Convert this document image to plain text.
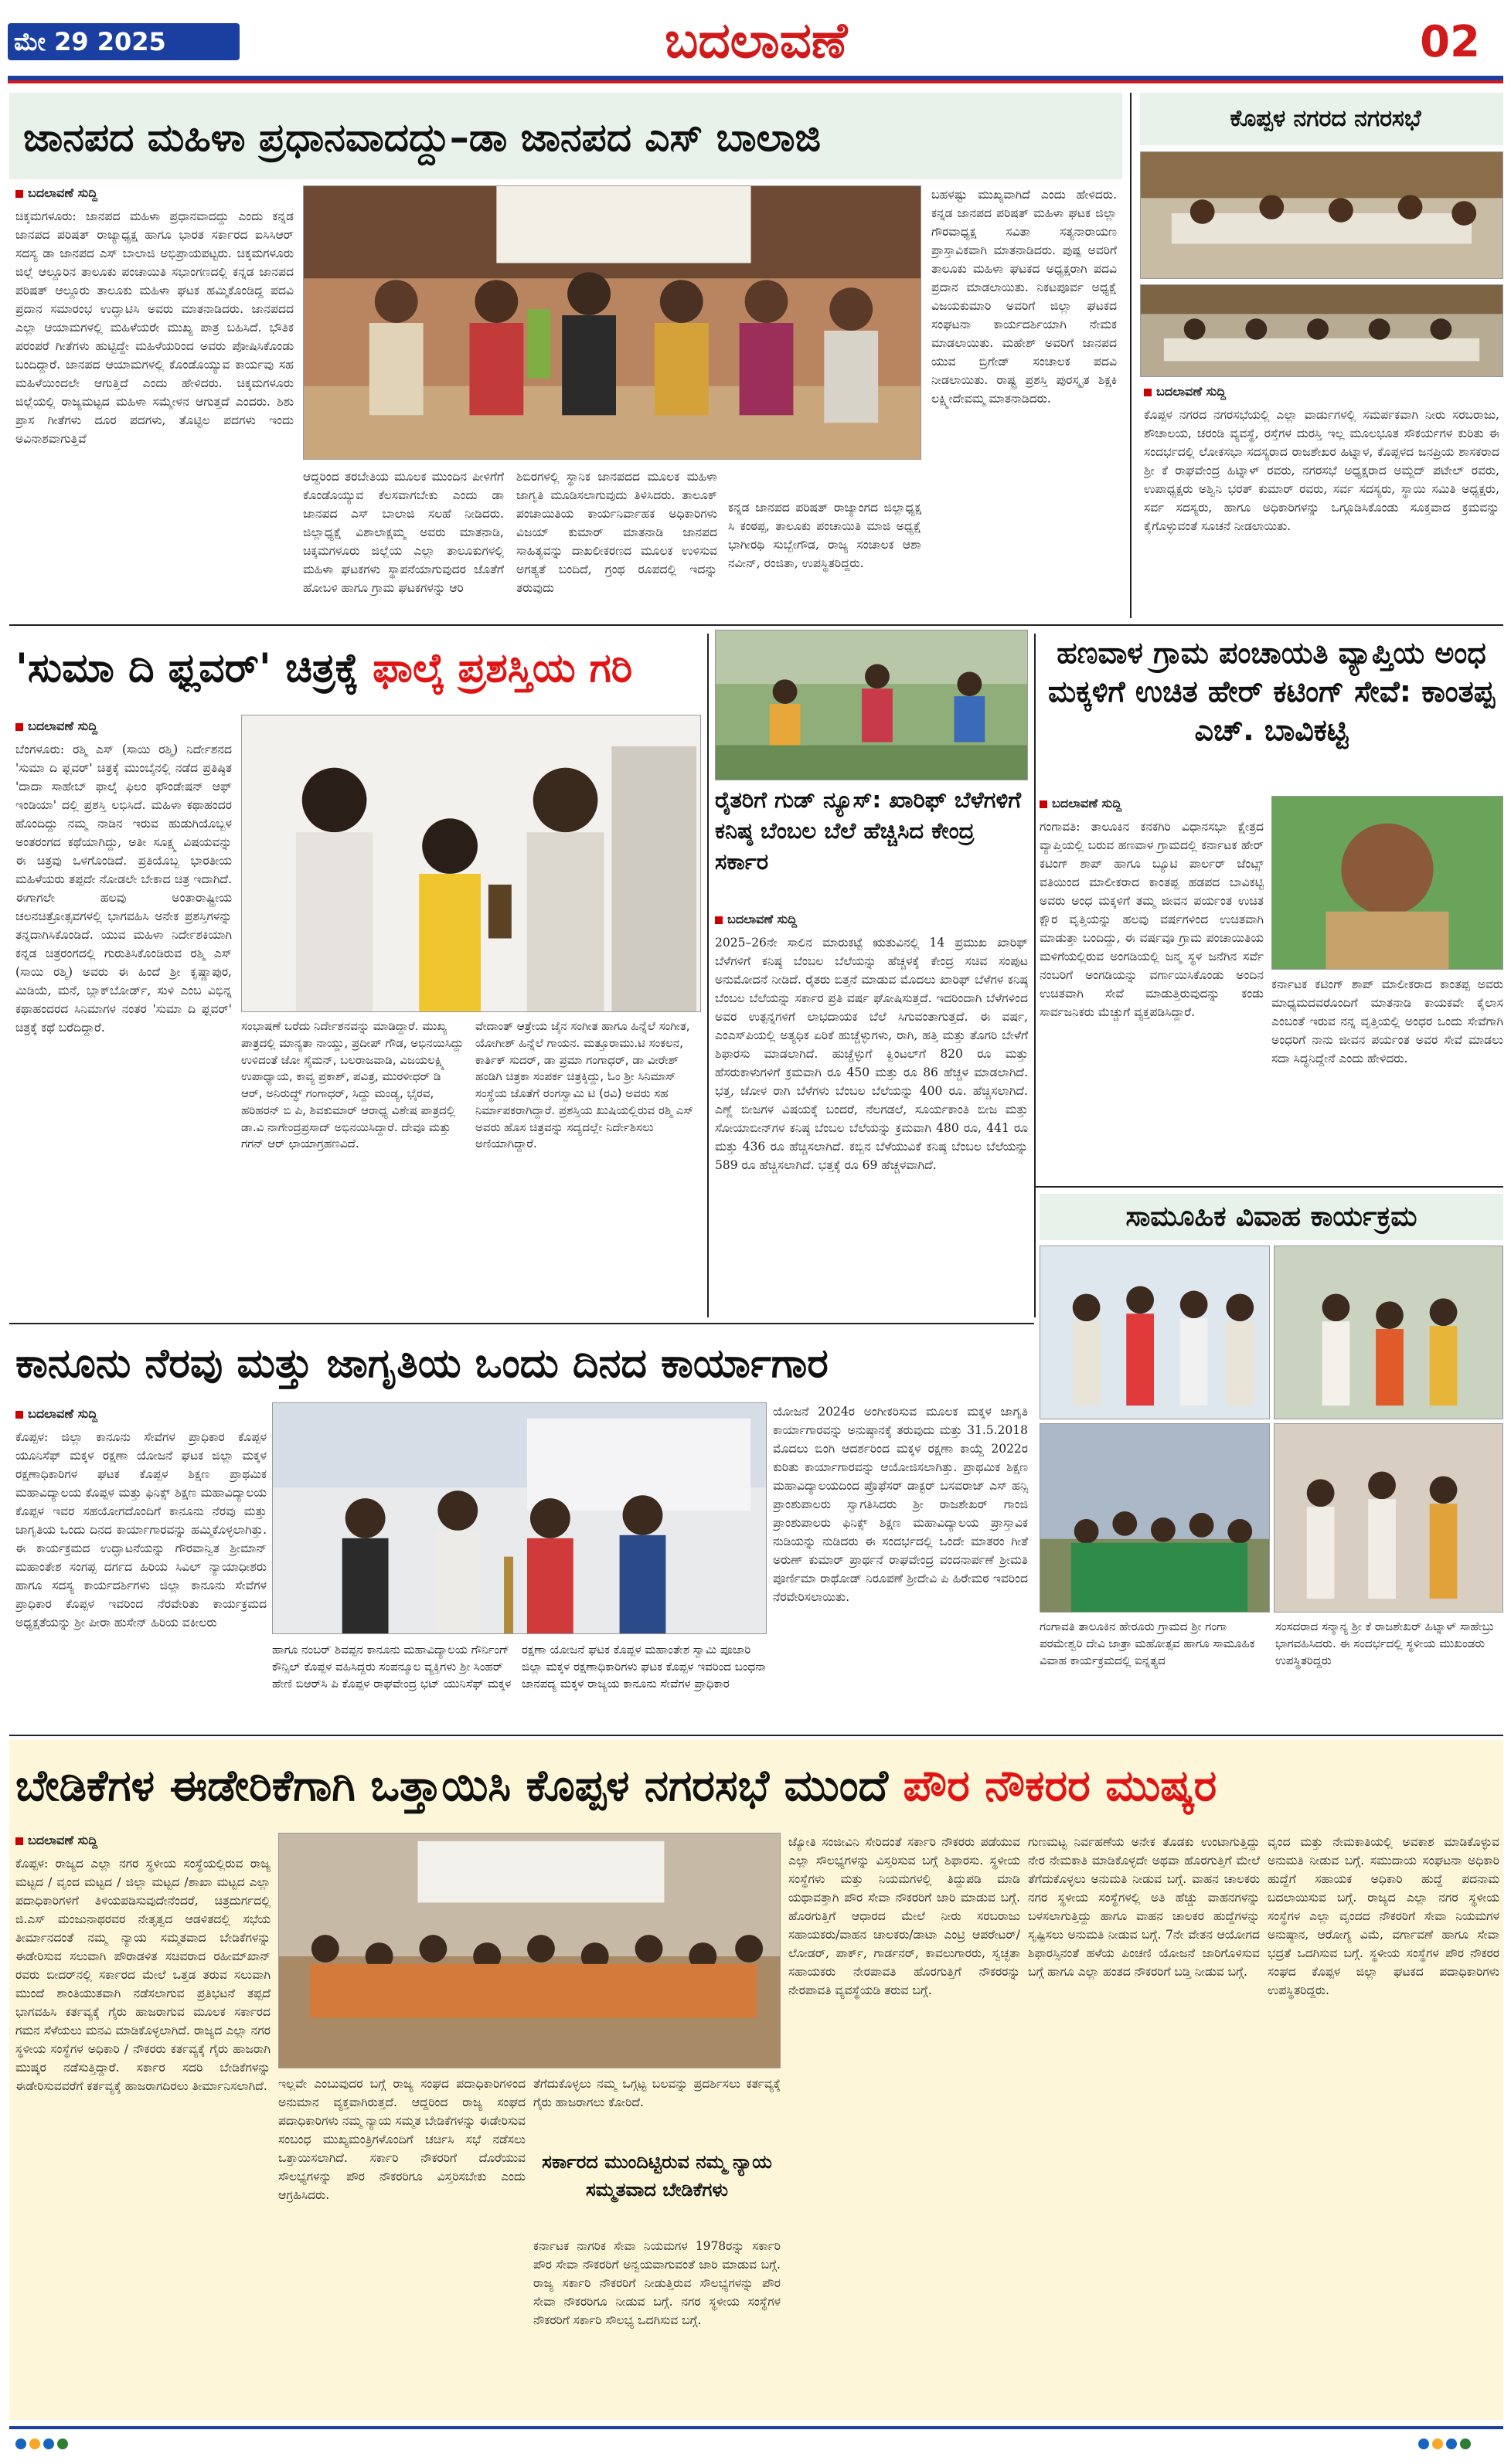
ಮೇ 29 2025	ಬದಲಾವಣೆ	02
ಜಾನಪದ ಮಹಿಳಾ ಪ್ರಧಾನವಾದದ್ದು–ಡಾ ಜಾನಪದ ಎಸ್ ಬಾಲಾಜಿ
ಬದಲಾವಣೆ ಸುದ್ದಿ
ಚಿಕ್ಕಮಗಳೂರು: ಜಾನಪದ ಮಹಿಳಾ ಪ್ರಧಾನವಾದದ್ದು ಎಂದು ಕನ್ನಡ ಜಾನಪದ ಪರಿಷತ್ ರಾಜ್ಯಾಧ್ಯಕ್ಷ ಹಾಗೂ ಭಾರತ ಸರ್ಕಾರದ ಐಸಿಸಿಆರ್ ಸದಸ್ಯ ಡಾ ಜಾನಪದ ಎಸ್ ಬಾಲಾಜಿ ಅಭಿಪ್ರಾಯಪಟ್ಟರು. ಚಿಕ್ಕಮಗಳೂರು ಜಿಲ್ಲೆ ಆಲ್ದೂರಿನ ತಾಲೂಕು ಪಂಚಾಯಿತಿ ಸಭಾಂಗಣದಲ್ಲಿ ಕನ್ನಡ ಜಾನಪದ ಪರಿಷತ್ ಆಲ್ದೂರು ತಾಲೂಕು ಮಹಿಳಾ ಘಟಕ ಹಮ್ಮಿಕೊಂಡಿದ್ದ ಪದವಿ ಪ್ರದಾನ ಸಮಾರಂಭ ಉದ್ಘಾಟಿಸಿ ಅವರು ಮಾತನಾಡಿದರು. ಜಾನಪದದ ಎಲ್ಲಾ ಆಯಾಮಗಳಲ್ಲಿ ಮಹಿಳೆಯರೇ ಮುಖ್ಯ ಪಾತ್ರ ಬಹಿಸಿದೆ. ಭೌತಿಕ ಪರಂಪರೆ ಗೀತೆಗಳು ಹುಟ್ಟಿದ್ದೇ ಮಹಿಳೆಯರಿಂದ ಅವರು ಪೋಷಿಸಿಕೊಂಡು ಬಂದಿದ್ದಾರೆ. ಜಾನಪದ ಆಯಾಮಗಳಲ್ಲಿ ಕೊಂಡೊಯ್ಯುವ ಕಾರ್ಯವು ಸಹ ಮಹಿಳೆಯಿಂದಲೇ ಆಗುತ್ತಿದೆ ಎಂದು ಹೇಳಿದರು. ಚಿಕ್ಕಮಗಳೂರು ಜಿಲ್ಲೆಯಲ್ಲಿ ರಾಜ್ಯಮಟ್ಟದ ಮಹಿಳಾ ಸಮ್ಮೇಳನ ಆಗುತ್ತದೆ ಎಂದರು. ಶಿಶು ಪ್ರಾಸ ಗೀತೆಗಳು ದೂರ ಪದಗಳು, ತೊಟ್ಟಿಲ ಪದಗಳು ಇಂದು ಅವಿನಾಶವಾಗುತ್ತಿವೆ
ಬಹಳಷ್ಟು ಮುಖ್ಯವಾಗಿದೆ ಎಂದು ಹೇಳಿದರು. ಕನ್ನಡ ಜಾನಪದ ಪರಿಷತ್ ಮಹಿಳಾ ಘಟಕ ಜಿಲ್ಲಾ ಗೌರವಾಧ್ಯಕ್ಷ ಸವಿತಾ ಸತ್ಯನಾರಾಯಣ ಪ್ರಾಸ್ತಾವಿಕವಾಗಿ ಮಾತನಾಡಿದರು. ಪುಷ್ಪ ಅವರಿಗೆ ತಾಲೂಕು ಮಹಿಳಾ ಘಟಕದ ಅಧ್ಯಕ್ಷರಾಗಿ ಪದವಿ ಪ್ರದಾನ ಮಾಡಲಾಯಿತು. ನಿಕಟಪೂರ್ವ ಅಧ್ಯಕ್ಷೆ ವಿಜಯಕುಮಾರಿ ಅವರಿಗೆ ಜಿಲ್ಲಾ ಘಟಕದ ಸಂಘಟನಾ ಕಾರ್ಯದರ್ಶಿಯಾಗಿ ನೇಮಕ ಮಾಡಲಾಯಿತು. ಮಹೇಶ್ ಅವರಿಗೆ ಜಾನಪದ ಯುವ ಬ್ರಿಗೇಡ್ ಸಂಚಾಲಕ ಪದವಿ ನೀಡಲಾಯಿತು. ರಾಷ್ಟ್ರ ಪ್ರಶಸ್ತಿ ಪುರಸ್ಕೃತ ಶಿಕ್ಷಕಿ ಲಕ್ಷ್ಮೀದೇವಮ್ಮ ಮಾತನಾಡಿದರು.
ಆದ್ದರಿಂದ ತರಬೇತಿಯ ಮೂಲಕ ಮುಂದಿನ ಪೀಳಿಗೆಗೆ ಕೊಂಡೊಯ್ಯುವ ಕೆಲಸವಾಗಬೇಕು ಎಂದು ಡಾ ಜಾನಪದ ಎಸ್ ಬಾಲಾಜಿ ಸಲಹೆ ನೀಡಿದರು. ಜಿಲ್ಲಾಧ್ಯಕ್ಷೆ ವಿಶಾಲಾಕ್ಷಮ್ಮ ಅವರು ಮಾತನಾಡಿ, ಚಿಕ್ಕಮಗಳೂರು ಜಿಲ್ಲೆಯ ಎಲ್ಲಾ ತಾಲೂಕುಗಳಲ್ಲಿ ಮಹಿಳಾ ಘಟಕಗಳು ಸ್ಥಾಪನೆಯಾಗುವುದರ ಜೊತೆಗೆ ಹೋಬಳಿ ಹಾಗೂ ಗ್ರಾಮ ಘಟಕಗಳನ್ನು ಆರಿ
ಶಿಬಿರಗಳಲ್ಲಿ ಸ್ಥಾನಿಕ ಜಾನಪದದ ಮೂಲಕ ಮಹಿಳಾ ಜಾಗೃತಿ ಮೂಡಿಸಲಾಗುವುದು ತಿಳಿಸಿದರು. ತಾಲೂಕ್ ಪಂಚಾಯಿತಿಯ ಕಾರ್ಯನಿರ್ವಾಹಕ ಅಧಿಕಾರಿಗಳು ವಿಜಯ್ ಕುಮಾರ್ ಮಾತನಾಡಿ ಜಾನಪದ ಸಾಹಿತ್ಯವನ್ನು ದಾಖಲೀಕರಣದ ಮೂಲಕ ಉಳಿಸುವ ಅಗತ್ಯತೆ ಬಂದಿದೆ, ಗ್ರಂಥ ರೂಪದಲ್ಲಿ ಇದನ್ನು ತರುವುದು
ಕನ್ನಡ ಜಾನಪದ ಪರಿಷತ್ ರಾಜ್ಯಾಂಗದ ಜಿಲ್ಲಾಧ್ಯಕ್ಷ ಸಿ ಕಂಠಪ್ಪ, ತಾಲೂಕು ಪಂಚಾಯಿತಿ ಮಾಜಿ ಅಧ್ಯಕ್ಷೆ ಭಾಗೀರಥಿ ಸುಬ್ಬೇಗೌಡ, ರಾಜ್ಯ ಸಂಚಾಲಕ ಆಶಾ ನವೀನ್, ರಂಜಿತಾ, ಉಪಸ್ಥಿತರಿದ್ದರು.
ಕೊಪ್ಪಳ ನಗರದ ನಗರಸಭೆ
ಬದಲಾವಣೆ ಸುದ್ದಿ
ಕೊಪ್ಪಳ ನಗರದ ನಗರಸಭೆಯಲ್ಲಿ ಎಲ್ಲಾ ವಾರ್ಡುಗಳಲ್ಲಿ ಸಮರ್ಪಕವಾಗಿ ನೀರು ಸರಬರಾಜು, ಶೌಚಾಲಯ, ಚರಂಡಿ ವ್ಯವಸ್ಥೆ, ರಸ್ತೆಗಳ ದುರಸ್ತಿ ಇಲ್ಲ ಮೂಲಭೂತ ಸೌಕರ್ಯಗಳ ಕುರಿತು ಈ ಸಂದರ್ಭದಲ್ಲಿ ಲೋಕಸಭಾ ಸದಸ್ಯರಾದ ರಾಜಶೇಖರ ಹಿಟ್ನಾಳ, ಕೊಪ್ಪಳದ ಜನಪ್ರಿಯ ಶಾಸಕರಾದ ಶ್ರೀ ಕೆ ರಾಘವೇಂದ್ರ ಹಿಟ್ನಾಳ್ ರವರು, ನಗರಸಭೆ ಅಧ್ಯಕ್ಷರಾದ ಅಮ್ಜದ್ ಪಟೇಲ್ ರವರು, ಉಪಾಧ್ಯಕ್ಷರು ಅಶ್ವಿನಿ ಭರತ್ ಕುಮಾರ್ ರವರು, ಸರ್ವ ಸದಸ್ಯರು, ಸ್ಥಾಯಿ ಸಮಿತಿ ಅಧ್ಯಕ್ಷರು, ಸರ್ವ ಸದಸ್ಯರು, ಹಾಗೂ ಅಧಿಕಾರಿಗಳನ್ನು ಒಗ್ಗೂಡಿಸಿಕೊಂಡು ಸೂಕ್ತವಾದ ಕ್ರಮವನ್ನು ಕೈಗೊಳ್ಳುವಂತೆ ಸೂಚನೆ ನೀಡಲಾಯಿತು.
'ಸುಮಾ ದಿ ಫ್ಲವರ್' ಚಿತ್ರಕ್ಕೆ ಫಾಲ್ಕೆ ಪ್ರಶಸ್ತಿಯ ಗರಿ
ಬದಲಾವಣೆ ಸುದ್ದಿ
ಬೆಂಗಳೂರು: ರಶ್ಮಿ ಎಸ್ (ಸಾಯಿ ರಶ್ಮಿ) ನಿರ್ದೇಶನದ 'ಸುಮಾ ದಿ ಫ್ಲವರ್' ಚಿತ್ರಕ್ಕೆ ಮುಂಬೈನಲ್ಲಿ ನಡೆದ ಪ್ರತಿಷ್ಠಿತ 'ದಾದಾ ಸಾಹೇಬ್ ಫಾಲ್ಕೆ ಫಿಲಂ ಫೌಂಡೇಷನ್ ಆಫ್ ಇಂಡಿಯಾ' ದಲ್ಲಿ ಪ್ರಶಸ್ತಿ ಲಭಿಸಿದೆ. ಮಹಿಳಾ ಕಥಾಹಂದರ ಹೊಂದಿದ್ದು ನಮ್ಮ ನಾಡಿನ ಇರುವ ಹುಡುಗಿಯೊಬ್ಬಳ ಅಂತರಂಗದ ಕಥೆಯಾಗಿದ್ದು, ಅತೀ ಸೂಕ್ಷ್ಮ ವಿಷಯವನ್ನು ಈ ಚಿತ್ರವು ಒಳಗೊಂಡಿದೆ. ಪ್ರತಿಯೊಬ್ಬ ಭಾರತೀಯ ಮಹಿಳೆಯರು ತಪ್ಪದೇ ನೋಡಲೇ ಬೇಕಾದ ಚಿತ್ರ ಇದಾಗಿದೆ. ಈಗಾಗಲೇ ಹಲವು ಅಂತಾರಾಷ್ಟ್ರೀಯ ಚಲನಚಿತ್ರೋತ್ಸವಗಳಲ್ಲಿ ಭಾಗವಹಿಸಿ ಅನೇಕ ಪ್ರಶಸ್ತಿಗಳನ್ನು ತನ್ನದಾಗಿಸಿಕೊಂಡಿದೆ. ಯುವ ಮಹಿಳಾ ನಿರ್ದೇಶಕಿಯಾಗಿ ಕನ್ನಡ ಚಿತ್ರರಂಗದಲ್ಲಿ ಗುರುತಿಸಿಕೊಂಡಿರುವ ರಶ್ಮಿ ಎಸ್ (ಸಾಯಿ ರಶ್ಮಿ) ಅವರು ಈ ಹಿಂದೆ ಶ್ರೀ ಕೃಷ್ಣಾಪುರ, ಮಿಡಿಯೆ, ಮನೆ, ಬ್ಲಾಕ್‌ಬೋರ್ಡ್, ಸುಳಿ ಎಂಬ ವಿಭಿನ್ನ ಕಥಾಹಂದರದ ಸಿನಿಮಾಗಳ ನಂತರ 'ಸುಮಾ ದಿ ಫ್ಲವರ್' ಚಿತ್ರಕ್ಕೆ ಕಥೆ ಬರೆದಿದ್ದಾರೆ.	ಸಂಭಾಷಣೆ ಬರೆದು ನಿರ್ದೇಶನವನ್ನು ಮಾಡಿದ್ದಾರೆ. ಮುಖ್ಯ ಪಾತ್ರದಲ್ಲಿ ಮಾನ್ಯತಾ ನಾಯ್ಡು, ಪ್ರದೀಪ್ ಗೌಡ, ಅಭಿನಯಿಸಿದ್ದು ಉಳಿದಂತೆ ಜೋ ಸೈಮನ್, ಬಲರಾಜವಾಡಿ, ವಿಜಯಲಕ್ಷ್ಮಿ ಉಪಾಧ್ಯಾಯ, ಕಾವ್ಯ ಪ್ರಕಾಶ್, ಪವಿತ್ರ, ಮುರಳೀಧರ್ ಡಿ ಆರ್, ಅನಿರುದ್ಧ್ ಗಂಗಾಧರ್, ಸಿದ್ದು ಮಂಡ್ಯ, ಭೈರವ, ಹರಿಹರನ್ ಬಿ ಪಿ, ಶಿವಕುಮಾರ್ ಆರಾಧ್ಯ ವಿಶೇಷ ಪಾತ್ರದಲ್ಲಿ ಡಾ.ವಿ ನಾಗೇಂದ್ರಪ್ರಸಾದ್ ಅಭಿನಯಿಸಿದ್ದಾರೆ. ದೇವೂ ಮತ್ತು ಗಗನ್ ಆರ್ ಛಾಯಾಗ್ರಹಣವಿದೆ.
ವೇದಾಂತ್ ಆತ್ರೇಯ ಜೈನ ಸಂಗೀತ ಹಾಗೂ ಹಿನ್ನೆಲೆ ಸಂಗೀತ, ಯೋಗೀಶ್ ಹಿನ್ನೆಲೆ ಗಾಯನ. ಮತ್ತೂರಾಮು.ಟಿ ಸಂಕಲನ, ಕಾರ್ತಿಕ್ ಸುದರ್, ಡಾ ಪ್ರಮಾ ಗಂಗಾಧರ್, ಡಾ ವೀರೇಶ್ ಹಂಡಿಗಿ ಚಿತ್ರಕಾ ಸಂಪರ್ಕ ಚಿತ್ರಕ್ಕಿದ್ದು, ಓಂ ಶ್ರೀ ಸಿನಿಮಾಸ್ ಸಂಸ್ಥೆಯ ಜೊತೆಗೆ ರಂಗಸ್ವಾಮಿ ಟಿ (ರವಿ) ಅವರು ಸಹ ನಿರ್ಮಾಪಕರಾಗಿದ್ದಾರೆ. ಪ್ರಶಸ್ತಿಯ ಖುಷಿಯಲ್ಲಿರುವ ರಶ್ಮಿ ಎಸ್ ಅವರು ಹೊಸ ಚಿತ್ರವನ್ನು ಸದ್ಯದಲ್ಲೇ ನಿರ್ದೇಶಿಸಲು ಅಣಿಯಾಗಿದ್ದಾರೆ.
ರೈತರಿಗೆ ಗುಡ್ ನ್ಯೂಸ್: ಖಾರಿಫ್ ಬೆಳೆಗಳಿಗೆ ಕನಿಷ್ಠ ಬೆಂಬಲ ಬೆಲೆ ಹೆಚ್ಚಿಸಿದ ಕೇಂದ್ರ ಸರ್ಕಾರ
ಬದಲಾವಣೆ ಸುದ್ದಿ
2025–26ನೇ ಸಾಲಿನ ಮಾರುಕಟ್ಟೆ ಋತುವಿನಲ್ಲಿ 14 ಪ್ರಮುಖ ಖಾರಿಫ್ ಬೆಳೆಗಳಿಗೆ ಕನಿಷ್ಠ ಬೆಂಬಲ ಬೆಲೆಯನ್ನು ಹೆಚ್ಚಳಕ್ಕೆ ಕೇಂದ್ರ ಸಚಿವ ಸಂಪುಟ ಅನುಮೋದನೆ ನೀಡಿದೆ. ರೈತರು ಬಿತ್ತನೆ ಮಾಡುವ ಮೊದಲು ಖಾರಿಫ್ ಬೆಳೆಗಳ ಕನಿಷ್ಠ ಬೆಂಬಲ ಬೆಲೆಯನ್ನು ಸರ್ಕಾರ ಪ್ರತಿ ವರ್ಷ ಘೋಷಿಸುತ್ತದೆ. ಇದರಿಂದಾಗಿ ಬೆಳೆಗಳಿಂದ ಅವರ ಉತ್ಪನ್ನಗಳಿಗೆ ಲಾಭದಾಯಕ ಬೆಲೆ ಸಿಗುವಂತಾಗುತ್ತದೆ. ಈ ವರ್ಷ, ಎಂಎಸ್‌ಪಿಯಲ್ಲಿ ಅತ್ಯಧಿಕ ಏರಿಕೆ ಹುಚ್ಚೆಳ್ಳುಗಳು, ರಾಗಿ, ಹತ್ತಿ ಮತ್ತು ತೊಗರಿ ಬೇಳೆಗೆ ಶಿಫಾರಸು ಮಾಡಲಾಗಿದೆ. ಹುಚ್ಚೆಳ್ಳುಗೆ ಕ್ವಿಂಟಲ್‌ಗೆ 820 ರೂ ಮತ್ತು ಹೆಸರುಕಾಳುಗಳಿಗೆ ಕ್ರಮವಾಗಿ ರೂ 450 ಮತ್ತು ರೂ 86 ಹೆಚ್ಚಳ ಮಾಡಲಾಗಿದೆ. ಭತ್ತ, ಜೋಳ ರಾಗಿ ಬೆಳೆಗಳು ಬೆಂಬಲ ಬೆಲೆಯನ್ನು 400 ರೂ. ಹೆಚ್ಚಿಸಲಾಗಿದೆ. ಎಣ್ಣೆ ಬೀಜಗಳ ವಿಷಯಕ್ಕೆ ಬಂದರೆ, ನೆಲಗಡಲೆ, ಸೂರ್ಯಕಾಂತಿ ಬೀಜ ಮತ್ತು ಸೋಯಾಬೀನ್‌ಗಳ ಕನಿಷ್ಠ ಬೆಂಬಲ ಬೆಲೆಯನ್ನು ಕ್ರಮವಾಗಿ 480 ರೂ, 441 ರೂ ಮತ್ತು 436 ರೂ ಹೆಚ್ಚಿಸಲಾಗಿದೆ. ಕಬ್ಬಿನ ಬೆಳೆಯುವಿಕೆ ಕನಿಷ್ಠ ಬೆಂಬಲ ಬೆಲೆಯನ್ನು 589 ರೂ ಹೆಚ್ಚಿಸಲಾಗಿದೆ. ಭತ್ತಕ್ಕೆ ರೂ 69 ಹೆಚ್ಚಳವಾಗಿದೆ.
ಹಣವಾಳ ಗ್ರಾಮ ಪಂಚಾಯತಿ ವ್ಯಾಪ್ತಿಯ ಅಂಧ ಮಕ್ಕಳಿಗೆ ಉಚಿತ ಹೇರ್ ಕಟಿಂಗ್ ಸೇವೆ: ಕಾಂತಪ್ಪ ಎಚ್. ಬಾವಿಕಟ್ಟಿ
ಬದಲಾವಣೆ ಸುದ್ದಿ
ಗಂಗಾವತಿ: ತಾಲೂಕಿನ ಕನಕಗಿರಿ ವಿಧಾನಸಭಾ ಕ್ಷೇತ್ರದ ವ್ಯಾಪ್ತಿಯಲ್ಲಿ ಬರುವ ಹಣವಾಳ ಗ್ರಾಮದಲ್ಲಿ ಕರ್ನಾಟಕ ಹೇರ್ ಕಟಿಂಗ್ ಶಾಪ್ ಹಾಗೂ ಬ್ಯೂಟಿ ಪಾರ್ಲರ್ ಜೆಂಟ್ಸ್ ವತಿಯಿಂದ ಮಾಲೀಕರಾದ ಕಾಂತಪ್ಪ ಹಡಪದ ಬಾವಿಕಟ್ಟಿ ಅವರು ಅಂಧ ಮಕ್ಕಳಿಗೆ ತಮ್ಮ ಜೀವನ ಪರ್ಯಂತ ಉಚಿತ ಕ್ಷೌರ ವೃತ್ತಿಯನ್ನು ಹಲವು ವರ್ಷಗಳಿಂದ ಉಚಿತವಾಗಿ ಮಾಡುತ್ತಾ ಬಂದಿದ್ದು, ಈ ವರ್ಷವೂ ಗ್ರಾಮ ಪಂಚಾಯಿತಿಯ ಮಳಿಗೆಯಲ್ಲಿರುವ ಅಂಗಡಿಯಲ್ಲಿ ಜನ್ಮ ಸ್ಥಳ ಜನೆಗಿನ ಸರ್ವೆ ನಂಬರಿಗೆ ಅಂಗಡಿಯನ್ನು ವರ್ಗಾಯಿಸಿಕೊಂಡು ಅಂದಿನ ಉಚಿತವಾಗಿ ಸೇವೆ ಮಾಡುತ್ತಿರುವುದನ್ನು ಕಂಡು ಸಾರ್ವಜನಿಕರು ಮೆಚ್ಚುಗೆ ವ್ಯಕ್ತಪಡಿಸಿದ್ದಾರೆ.
ಕರ್ನಾಟಕ ಕಟಿಂಗ್ ಶಾಪ್ ಮಾಲೀಕರಾದ ಕಾಂತಪ್ಪ ಅವರು ಮಾಧ್ಯಮದವರೊಂದಿಗೆ ಮಾತನಾಡಿ ಕಾಯಕವೇ ಕೈಲಾಸ ಎಂಬಂತೆ ಇರುವ ನನ್ನ ವೃತ್ತಿಯಲ್ಲಿ ಅಂಧರ ಒಂದು ಸೇವೆಗಾಗಿ ಅಂಧರಿಗೆ ನಾನು ಜೀವನ ಪರ್ಯಂತ ಅವರ ಸೇವೆ ಮಾಡಲು ಸದಾ ಸಿದ್ಧನಿದ್ದೇನೆ ಎಂದು ಹೇಳಿದರು.
ಸಾಮೂಹಿಕ ವಿವಾಹ ಕಾರ್ಯಕ್ರಮ
ಗಂಗಾವತಿ ತಾಲೂಕಿನ ಹೇರೂರು ಗ್ರಾಮದ ಶ್ರೀ ಗಂಗಾ ಪರಮೇಶ್ವರಿ ದೇವಿ ಜಾತ್ರಾ ಮಹೋತ್ಸವ ಹಾಗೂ ಸಾಮೂಹಿಕ ವಿವಾಹ ಕಾರ್ಯಕ್ರಮದಲ್ಲಿ ಐನ್ನತ್ಯದ
ಸಂಸದರಾದ ಸನ್ಮಾನ್ಯ ಶ್ರೀ ಕೆ ರಾಜಶೇಖರ್ ಹಿಟ್ನಾಳ್ ಸಾಹೇಬ್ರು ಭಾಗವಹಿಸಿದರು. ಈ ಸಂದರ್ಭದಲ್ಲಿ ಸ್ಥಳೀಯ ಮುಖಂಡರು ಉಪಸ್ಥಿತರಿದ್ದರು
ಕಾನೂನು ನೆರವು ಮತ್ತು ಜಾಗೃತಿಯ ಒಂದು ದಿನದ ಕಾರ್ಯಾಗಾರ
ಬದಲಾವಣೆ ಸುದ್ದಿ
ಕೊಪ್ಪಳ: ಜಿಲ್ಲಾ ಕಾನೂನು ಸೇವೆಗಳ ಪ್ರಾಧಿಕಾರ ಕೊಪ್ಪಳ ಯೂನಿಸೆಫ್ ಮಕ್ಕಳ ರಕ್ಷಣಾ ಯೋಜನೆ ಘಟಕ ಜಿಲ್ಲಾ ಮಕ್ಕಳ ರಕ್ಷಣಾಧಿಕಾರಿಗಳ ಘಟಕ ಕೊಪ್ಪಳ ಶಿಕ್ಷಣ ಪ್ರಾಥಮಿಕ ಮಹಾವಿದ್ಯಾಲಯ ಕೊಪ್ಪಳ ಮತ್ತು ಫಿನಿಕ್ಸ್ ಶಿಕ್ಷಣ ಮಹಾವಿದ್ಯಾಲಯ ಕೊಪ್ಪಳ ಇವರ ಸಹಯೋಗದೊಂದಿಗೆ ಕಾನೂನು ನೆರವು ಮತ್ತು ಜಾಗೃತಿಯ ಒಂದು ದಿನದ ಕಾರ್ಯಾಗಾರವನ್ನು ಹಮ್ಮಿಕೊಳ್ಳಲಾಗಿತ್ತು. ಈ ಕಾರ್ಯಕ್ರಮದ ಉದ್ಘಾಟನೆಯನ್ನು ಗೌರವಾನ್ವಿತ ಶ್ರೀಮಾನ್ ಮಹಾಂತೇಶ ಸಂಗಪ್ಪ ದರ್ಗದ ಹಿರಿಯ ಸಿವಿಲ್ ನ್ಯಾಯಾಧೀಶರು ಹಾಗೂ ಸದಸ್ಯ ಕಾರ್ಯದರ್ಶಿಗಳು ಜಿಲ್ಲಾ ಕಾನೂನು ಸೇವೆಗಳ ಪ್ರಾಧಿಕಾರ ಕೊಪ್ಪಳ ಇವರಿಂದ ನೆರವೇರಿತು ಕಾರ್ಯಕ್ರಮದ ಅಧ್ಯಕ್ಷತೆಯನ್ನು ಶ್ರೀ ಪೀರಾ ಹುಸೇನ್ ಹಿರಿಯ ವಕೀಲರು
ಯೋಜನೆ 2024ರ ಅಂಗೀಕರಿಸುವ ಮೂಲಕ ಮಕ್ಕಳ ಜಾಗೃತಿ ಕಾರ್ಯಾಗಾರವನ್ನು ಅನುಷ್ಠಾನಕ್ಕೆ ತರುವುದು ಮತ್ತು 31.5.2018 ಮೊದಲು ಬಿಂಗಿ ಆದರ್ಶರಿಂದ ಮಕ್ಕಳ ರಕ್ಷಣಾ ಕಾಯ್ದೆ 2022ರ ಕುರಿತು ಕಾರ್ಯಾಗಾರವನ್ನು ಆಯೋಜಿಸಲಾಗಿತ್ತು. ಪ್ರಾಥಮಿಕ ಶಿಕ್ಷಣ ಮಹಾವಿದ್ಯಾಲಯದಿಂದ ಪ್ರೊಫೆಸರ್ ಡಾಕ್ಟರ್ ಬಸವರಾಜ್ ಎಸ್ ಹನ್ಸಿ ಪ್ರಾಂಶುಪಾಲರು ಸ್ವಾಗತಿಸಿದರು ಶ್ರೀ ರಾಜಶೇಖರ್ ಗಾಂಜಿ ಪ್ರಾಂಶುಪಾಲರು ಫಿನಿಕ್ಸ್ ಶಿಕ್ಷಣ ಮಹಾವಿದ್ಯಾಲಯ ಪ್ರಾಸ್ತಾವಿಕ ನುಡಿಯನ್ನು ನುಡಿದರು ಈ ಸಂದರ್ಭದಲ್ಲಿ ಒಂದೇ ಮಾತರಂ ಗೀತೆ ಅರುಣ್ ಕುಮಾರ್ ಪ್ರಾರ್ಥನೆ ರಾಘವೇಂದ್ರ ವಂದನಾರ್ಪಣೆ ಶ್ರೀಮತಿ ಪೂರ್ಣಿಮಾ ರಾಥೋಡ್ ನಿರೂಪಣೆ ಶ್ರೀದೇವಿ ಪಿ ಹಿರೇಮಠ ಇವರಿಂದ ನೆರವೇರಿಸಲಾಯಿತು.
ಹಾಗೂ ನಂಬರ್ ಶಿವಪ್ಪನ ಕಾನೂನು ಮಹಾವಿದ್ಯಾಲಯ ಗೌರ್ನಿಂಗ್ ಕೌನ್ಸಿಲ್ ಕೊಪ್ಪಳ ವಹಿಸಿದ್ದರು ಸಂಪನ್ಮೂಲ ವ್ಯಕ್ತಿಗಳು ಶ್ರೀ ಸಿಂಹರ್ ಹೇಣಿ ಬಿಆರ್‌ಸಿ ಪಿ ಕೊಪ್ಪಳ ರಾಘವೇಂದ್ರ ಭಟ್ ಯುನಿಸೆಫ್ ಮಕ್ಕಳ
ರಕ್ಷಣಾ ಯೋಜನೆ ಘಟಕ ಕೊಪ್ಪಳ ಮಹಾಂತೇಶ ಸ್ವಾಮಿ ಪೂಜಾರಿ ಜಿಲ್ಲಾ ಮಕ್ಕಳ ರಕ್ಷಣಾಧಿಕಾರಿಗಳು ಘಟಕ ಕೊಪ್ಪಳ ಇವರಿಂದ ಬಂಧನಾ ಜಾನಪದ್ಯ ಮಕ್ಕಳ ರಾಜ್ಯಯ ಕಾನೂನು ಸೇವೆಗಳ ಪ್ರಾಧಿಕಾರ
ಬೇಡಿಕೆಗಳ ಈಡೇರಿಕೆಗಾಗಿ ಒತ್ತಾಯಿಸಿ ಕೊಪ್ಪಳ ನಗರಸಭೆ ಮುಂದೆ ಪೌರ ನೌಕರರ ಮುಷ್ಕರ
ಬದಲಾವಣೆ ಸುದ್ದಿ
ಕೊಪ್ಪಳ: ರಾಜ್ಯದ ಎಲ್ಲಾ ನಗರ ಸ್ಥಳೀಯ ಸಂಸ್ಥೆಯಲ್ಲಿರುವ ರಾಜ್ಯ ಮಟ್ಟದ / ವೃಂದ ಮಟ್ಟದ / ಜಿಲ್ಲಾ ಮಟ್ಟದ /ಶಾಖಾ ಮಟ್ಟದ ಎಲ್ಲಾ ಪದಾಧಿಕಾರಿಗಳಿಗೆ ತಿಳಿಯಪಡಿಸುವುದೇನೆಂದರೆ, ಚಿತ್ರದುರ್ಗದಲ್ಲಿ ಜಿ.ಎಸ್ ಮಂಜುನಾಥರವರ ನೇತೃತ್ವದ ಆಡಳಿತದಲ್ಲಿ ಸಭೆಯ ತೀರ್ಮಾನದಂತೆ ನಮ್ಮ ನ್ಯಾಯ ಸಮ್ಮತವಾದ ಬೇಡಿಕೆಗಳನ್ನು ಈಡೇರಿಸುವ ಸಲುವಾಗಿ ಪೌರಾಡಳಿತ ಸಚಿವರಾದ ರಹೀಮ್‌ಖಾನ್ ರವರು ಬೀದರ್‌ನಲ್ಲಿ ಸರ್ಕಾರದ ಮೇಲೆ ಒತ್ತಡ ತರುವ ಸಲುವಾಗಿ ಮುಂದೆ ಶಾಂತಿಯುತವಾಗಿ ನಡೆಸಲಾಗುವ ಪ್ರತಿಭಟನೆ ತಪ್ಪದೆ ಭಾಗವಹಿಸಿ ಕರ್ತವ್ಯಕ್ಕೆ ಗೈರು ಹಾಜರಾಗುವ ಮೂಲಕ ಸರ್ಕಾರದ ಗಮನ ಸೆಳೆಯಲು ಮನವಿ ಮಾಡಿಕೊಳ್ಳಲಾಗಿದೆ. ರಾಜ್ಯದ ಎಲ್ಲಾ ನಗರ ಸ್ಥಳೀಯ ಸಂಸ್ಥೆಗಳ ಅಧಿಕಾರಿ / ನೌಕರರು ಕರ್ತವ್ಯಕ್ಕೆ ಗೈರು ಹಾಜರಾಗಿ ಮುಷ್ಕರ ನಡೆಸುತ್ತಿದ್ದಾರೆ. ಸರ್ಕಾರ ಸದರಿ ಬೇಡಿಕೆಗಳನ್ನು ಈಡೇರಿಸುವವರೆಗೆ ಕರ್ತವ್ಯಕ್ಕೆ ಹಾಜರಾಗದಿರಲು ತೀರ್ಮಾನಿಸಲಾಗಿದೆ. ಇಲ್ಲವೇ ಎಂಬುವುದರ ಬಗ್ಗೆ ರಾಜ್ಯ ಸಂಘದ ಪದಾಧಿಕಾರಿಗಳಿಂದ ಅನುಮಾನ ವ್ಯಕ್ತವಾಗಿರುತ್ತದೆ. ಆದ್ದರಿಂದ ರಾಜ್ಯ ಸಂಘದ ಪದಾಧಿಕಾರಿಗಳು ನಮ್ಮ ನ್ಯಾಯ ಸಮ್ಮತ ಬೇಡಿಕೆಗಳನ್ನು ಈಡೇರಿಸುವ ಸಂಬಂಧ ಮುಖ್ಯಮಂತ್ರಿಗಳೊಂದಿಗೆ ಚರ್ಚಿಸಿ ಸಭೆ ನಡೆಸಲು ಒತ್ತಾಯಿಸಲಾಗಿದೆ. ಸರ್ಕಾರಿ ನೌಕರರಿಗೆ ದೊರೆಯುವ ಸೌಲಭ್ಯಗಳನ್ನು ಪೌರ ನೌಕರರಿಗೂ ವಿಸ್ತರಿಸಬೇಕು ಎಂದು ಆಗ್ರಹಿಸಿದರು.
ತೆಗೆದುಕೊಳ್ಳಲು ನಮ್ಮ ಒಗ್ಗಟ್ಟ ಬಲವನ್ನು ಪ್ರದರ್ಶಿಸಲು ಕರ್ತವ್ಯಕ್ಕೆ ಗೈರು ಹಾಜರಾಗಲು ಕೋರಿದೆ.
ಸರ್ಕಾರದ ಮುಂದಿಟ್ಟಿರುವ ನಮ್ಮ ನ್ಯಾಯ ಸಮ್ಮತವಾದ ಬೇಡಿಕೆಗಳು
ಕರ್ನಾಟಕ ನಾಗರಿಕ ಸೇವಾ ನಿಯಮಗಳ 1978ರನ್ನು ಸರ್ಕಾರಿ ಪೌರ ಸೇವಾ ನೌಕರರಿಗೆ ಅನ್ವಯವಾಗುವಂತೆ ಜಾರಿ ಮಾಡುವ ಬಗ್ಗೆ. ರಾಜ್ಯ ಸರ್ಕಾರಿ ನೌಕರರಿಗೆ ನೀಡುತ್ತಿರುವ ಸೌಲಭ್ಯಗಳನ್ನು ಪೌರ ಸೇವಾ ನೌಕರರಿಗೂ ನೀಡುವ ಬಗ್ಗೆ. ನಗರ ಸ್ಥಳೀಯ ಸಂಸ್ಥೆಗಳ ನೌಕರರಿಗೆ ಸರ್ಕಾರಿ ಸೌಲಭ್ಯ ಒದಗಿಸುವ ಬಗ್ಗೆ.
ಜ್ಯೋತಿ ಸಂಜೀವಿನಿ ಸೇರಿದಂತೆ ಸರ್ಕಾರಿ ನೌಕರರು ಪಡೆಯುವ ಎಲ್ಲಾ ಸೌಲಭ್ಯಗಳನ್ನು ವಿಸ್ತರಿಸುವ ಬಗ್ಗೆ ಶಿಫಾರಸು. ಸ್ಥಳೀಯ ಸಂಸ್ಥೆಗಳು ಮತ್ತು ನಿಯಮಗಳಲ್ಲಿ ತಿದ್ದುಪಡಿ ಮಾಡಿ ಯಥಾವತ್ತಾಗಿ ಪೌರ ಸೇವಾ ನೌಕರರಿಗೆ ಜಾರಿ ಮಾಡುವ ಬಗ್ಗೆ. ಹೊರಗುತ್ತಿಗೆ ಆಧಾರದ ಮೇಲೆ ನೀರು ಸರಬರಾಜು ಸಹಾಯಕರು/ವಾಹನ ಚಾಲಕರು/ಡಾಟಾ ಎಂಟ್ರಿ ಆಪರೇಟರ್/ ಲೋಡರ್, ಪಾರ್ಕ್, ಗಾರ್ಡನರ್, ಕಾವಲುಗಾರರು, ಸ್ವಚ್ಛತಾ ಸಹಾಯಕರು ನೇರಪಾವತಿ ಹೊರಗುತ್ತಿಗೆ ನೌಕರರನ್ನು ನೇರಪಾವತಿ ವ್ಯವಸ್ಥೆಯಡಿ ತರುವ ಬಗ್ಗೆ.
ಗುಣಮಟ್ಟ ನಿರ್ವಹಣೆಯ ಅನೇಕ ತೊಡಕು ಉಂಟಾಗುತ್ತಿದ್ದು ನೇರ ನೇಮಕಾತಿ ಮಾಡಿಕೊಳ್ಳದೇ ಅಥವಾ ಹೊರಗುತ್ತಿಗೆ ಮೇಲೆ ತೆಗೆದುಕೊಳ್ಳಲು ಅನುಮತಿ ನೀಡುವ ಬಗ್ಗೆ. ವಾಹನ ಚಾಲಕರು ನಗರ ಸ್ಥಳೀಯ ಸಂಸ್ಥೆಗಳಲ್ಲಿ ಅತಿ ಹೆಚ್ಚು ವಾಹನಗಳನ್ನು ಬಳಸಲಾಗುತ್ತಿದ್ದು ಹಾಗೂ ವಾಹನ ಚಾಲಕರ ಹುದ್ದೆಗಳನ್ನು ಸೃಷ್ಟಿಸಲು ಅನುಮತಿ ನೀಡುವ ಬಗ್ಗೆ. 7ನೇ ವೇತನ ಆಯೋಗದ ಶಿಫಾರಸ್ಸಿನಂತೆ ಹಳೆಯ ಪಿಂಚಣಿ ಯೋಜನೆ ಜಾರಿಗೊಳಿಸುವ ಬಗ್ಗೆ ಹಾಗೂ ಎಲ್ಲಾ ಹಂತದ ನೌಕರರಿಗೆ ಬಡ್ತಿ ನೀಡುವ ಬಗ್ಗೆ.
ವೃಂದ ಮತ್ತು ನೇಮಕಾತಿಯಲ್ಲಿ ಅವಕಾಶ ಮಾಡಿಕೊಳ್ಳುವ ಅನುಮತಿ ನೀಡುವ ಬಗ್ಗೆ. ಸಮುದಾಯ ಸಂಘಟನಾ ಅಧಿಕಾರಿ ಹುದ್ದೆಗೆ ಸಹಾಯಕ ಅಧಿಕಾರಿ ಹುದ್ದೆ ಪದನಾಮ ಬದಲಾಯಿಸುವ ಬಗ್ಗೆ. ರಾಜ್ಯದ ಎಲ್ಲಾ ನಗರ ಸ್ಥಳೀಯ ಸಂಸ್ಥೆಗಳ ಎಲ್ಲಾ ವೃಂದದ ನೌಕರರಿಗೆ ಸೇವಾ ನಿಯಮಗಳ ಅನುಷ್ಠಾನ, ಆರೋಗ್ಯ ವಿಮೆ, ವರ್ಗಾವಣೆ ಹಾಗೂ ಸೇವಾ ಭದ್ರತೆ ಒದಗಿಸುವ ಬಗ್ಗೆ. ಸ್ಥಳೀಯ ಸಂಸ್ಥೆಗಳ ಪೌರ ನೌಕರರ ಸಂಘದ ಕೊಪ್ಪಳ ಜಿಲ್ಲಾ ಘಟಕದ ಪದಾಧಿಕಾರಿಗಳು ಉಪಸ್ಥಿತರಿದ್ದರು.
